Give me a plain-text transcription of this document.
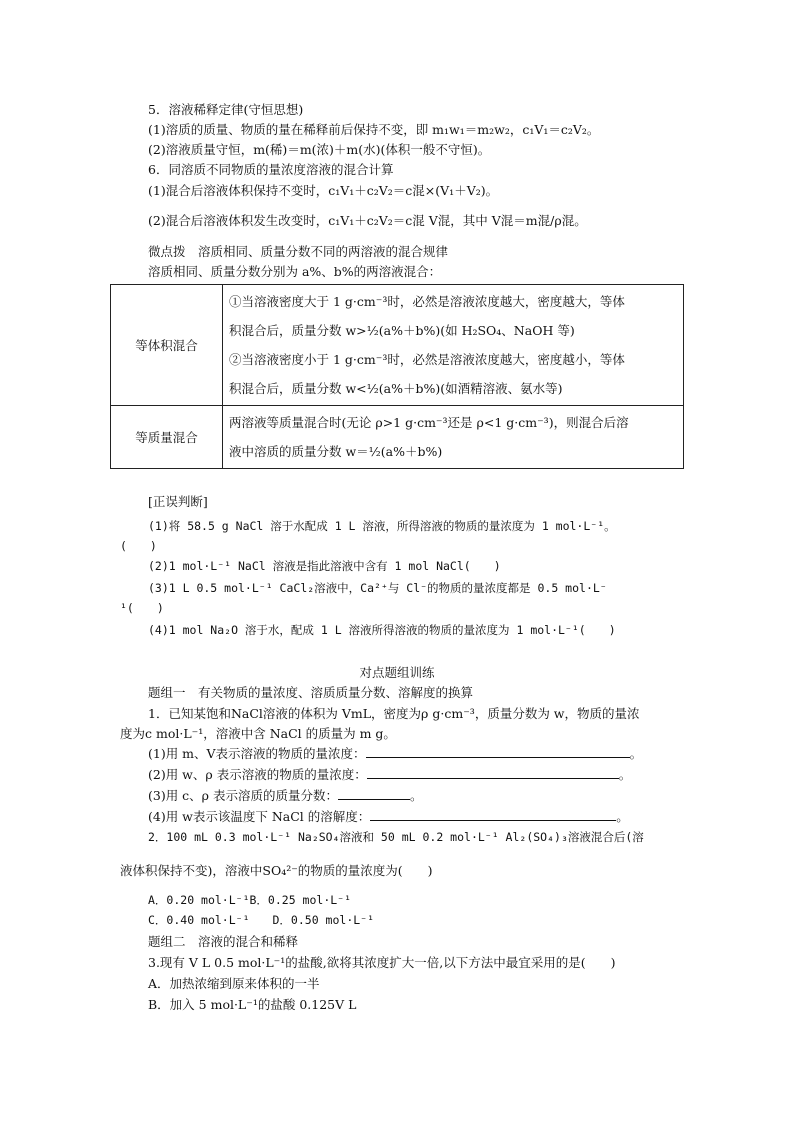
5．溶液稀释定律(守恒思想)
(1)溶质的质量、物质的量在稀释前后保持不变，即 m₁w₁＝m₂w₂，c₁V₁＝c₂V₂。
(2)溶液质量守恒，m(稀)＝m(浓)＋m(水)(体积一般不守恒)。
6．同溶质不同物质的量浓度溶液的混合计算
(1)混合后溶液体积保持不变时，c₁V₁＋c₂V₂＝c混×(V₁＋V₂)。
(2)混合后溶液体积发生改变时，c₁V₁＋c₂V₂＝c混 V混，其中 V混＝m混/ρ混。
微点拨　溶质相同、质量分数不同的两溶液的混合规律
溶质相同、质量分数分别为 a%、b%的两溶液混合：
等体积混合	①当溶液密度大于 1 g·cm⁻³时，必然是溶液浓度越大，密度越大，等体
积混合后，质量分数 w>½(a%＋b%)(如 H₂SO₄、NaOH 等)
②当溶液密度小于 1 g·cm⁻³时，必然是溶液浓度越大，密度越小，等体
积混合后，质量分数 w<½(a%＋b%)(如酒精溶液、氨水等)

等质量混合	两溶液等质量混合时(无论 ρ>1 g·cm⁻³还是 ρ<1 g·cm⁻³)，则混合后溶
液中溶质的质量分数 w＝½(a%＋b%)
[正误判断]
(1)将 58.5 g NaCl 溶于水配成 1 L 溶液，所得溶液的物质的量浓度为 1 mol·L⁻¹。
(　　)
(2)1 mol·L⁻¹ NaCl 溶液是指此溶液中含有 1 mol NaCl(　　)
(3)1 L 0.5 mol·L⁻¹ CaCl₂溶液中，Ca²⁺与 Cl⁻的物质的量浓度都是 0.5 mol·L⁻
¹(　　)
(4)1 mol Na₂O 溶于水，配成 1 L 溶液所得溶液的物质的量浓度为 1 mol·L⁻¹(　　)
对点题组训练
题组一　有关物质的量浓度、溶质质量分数、溶解度的换算
1．已知某饱和NaCl溶液的体积为 VmL，密度为ρ g·cm⁻³，质量分数为 w，物质的量浓
度为c mol·L⁻¹，溶液中含 NaCl 的质量为 m g。
(1)用 m、V表示溶液的物质的量浓度：	。
(2)用 w、ρ 表示溶液的物质的量浓度：	。
(3)用 c、ρ 表示溶质的质量分数：	。
(4)用 w表示该温度下 NaCl 的溶解度：	。
2．100 mL 0.3 mol·L⁻¹ Na₂SO₄溶液和 50 mL 0.2 mol·L⁻¹ Al₂(SO₄)₃溶液混合后(溶
液体积保持不变)，溶液中SO₄²⁻的物质的量浓度为(　　)
A．0.20 mol·L⁻¹B．0.25 mol·L⁻¹
C．0.40 mol·L⁻¹　　D．0.50 mol·L⁻¹
题组二　溶液的混合和稀释
3.现有 V L 0.5 mol·L⁻¹的盐酸,欲将其浓度扩大一倍,以下方法中最宜采用的是(　　)
A．加热浓缩到原来体积的一半
B．加入 5 mol·L⁻¹的盐酸 0.125V L
